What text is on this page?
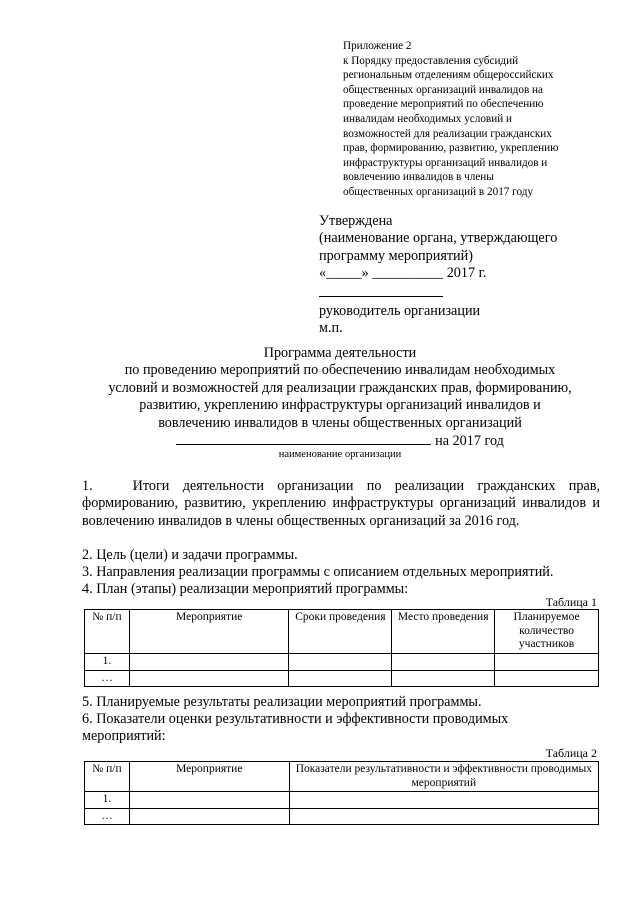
Приложение 2
к Порядку предоставления субсидий
региональным отделениям общероссийских
общественных организаций инвалидов на
проведение мероприятий по обеспечению
инвалидам необходимых условий и
возможностей для реализации гражданских
прав, формированию, развитию, укреплению
инфраструктуры организаций инвалидов и
вовлечению инвалидов в члены
общественных организаций в 2017 году
Утверждена
(наименование органа, утверждающего
программу мероприятий)
«_____» __________ 2017 г.
руководитель организации
м.п.
Программа деятельности
по проведению мероприятий по обеспечению инвалидам необходимых
условий и возможностей для реализации гражданских прав, формированию,
развитию, укреплению инфраструктуры организаций инвалидов и
вовлечению инвалидов в члены общественных организаций
на 2017 год
наименование организации
1.   Итоги деятельности организации по реализации гражданских прав, формированию, развитию, укреплению инфраструктуры организаций инвалидов и вовлечению инвалидов в члены общественных организаций за 2016 год.
2. Цель (цели) и задачи программы.
3. Направления реализации программы с описанием отдельных мероприятий.
4. План (этапы) реализации мероприятий программы:
Таблица 1
№ п/п	Мероприятие	Сроки проведения	Место проведения	Планируемое количество участников
1.				
…				
5. Планируемые результаты реализации мероприятий программы.
6. Показатели оценки результативности и эффективности проводимых мероприятий:
Таблица 2
№ п/п	Мероприятие	Показатели результативности и эффективности проводимых мероприятий
1.		
…		
